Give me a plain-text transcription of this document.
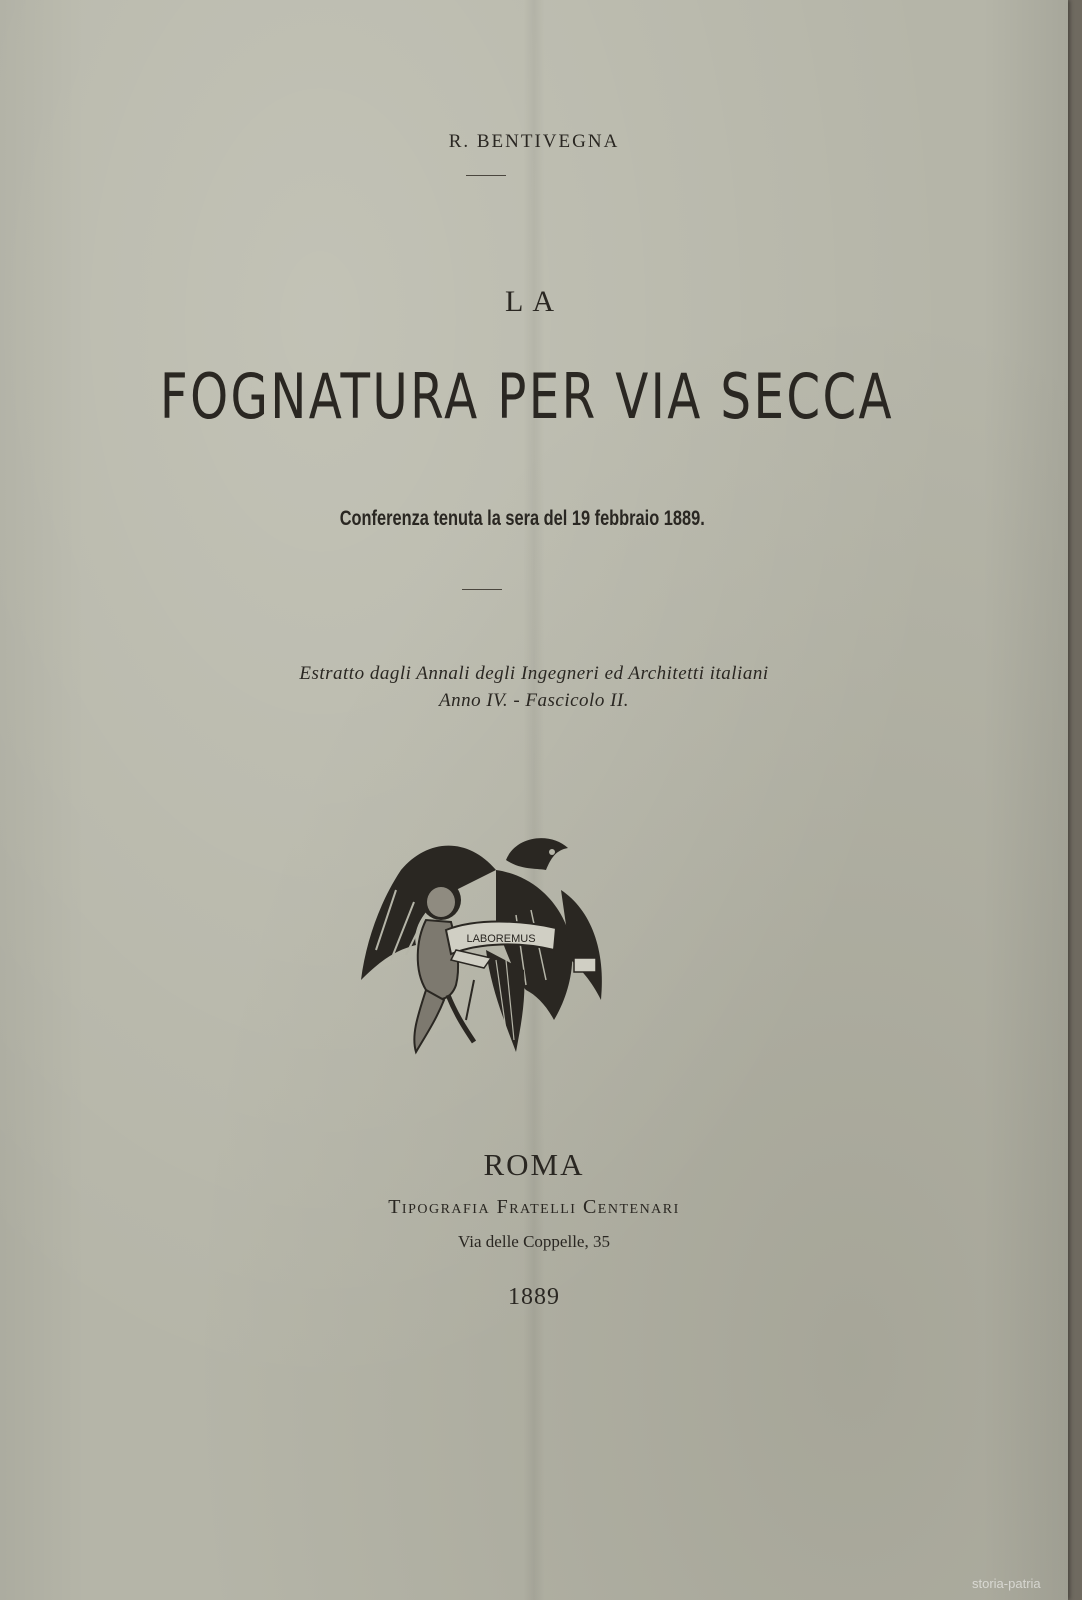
R. BENTIVEGNA

LA

FOGNATURA PER VIA SECCA

Conferenza tenuta la sera del 19 febbraio 1889.

Estratto dagli Annali degli Ingegneri ed Architetti italiani
Anno IV. - Fascicolo II.

LABOREMUS

ROMA

Tipografia Fratelli Centenari

Via delle Coppelle, 35

1889

storia-patria
